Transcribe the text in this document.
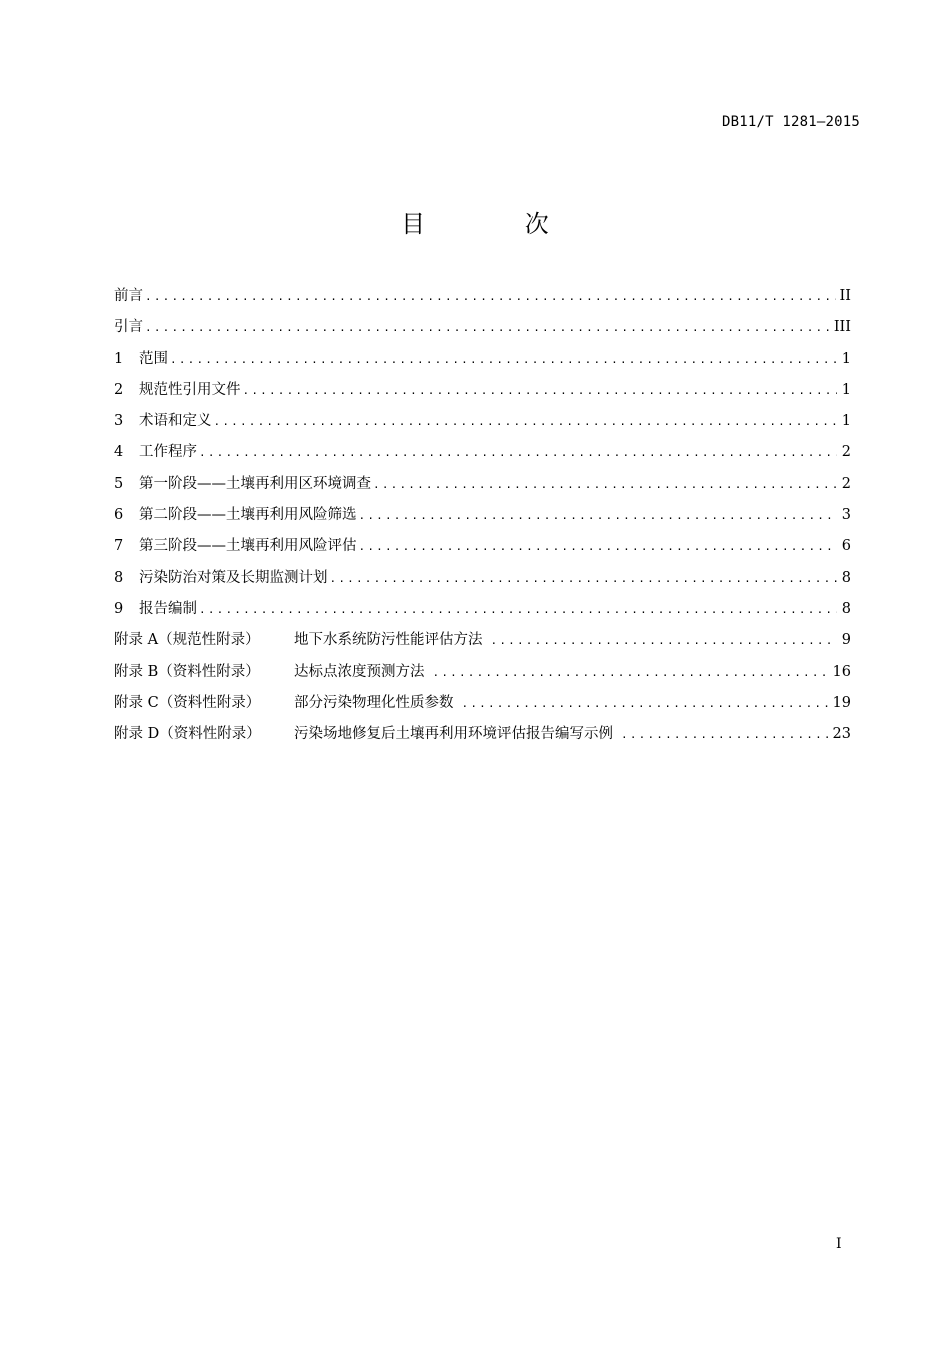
DB11/T 1281—2015
目 次
前言 .....	II
引言 .....	III
1	范围 .....	1
2	规范性引用文件 .....	1
3	术语和定义 .....	1
4	工作程序 .....	2
5	第一阶段——土壤再利用区环境调查 .....	2
6	第二阶段——土壤再利用风险筛选 .....	3
7	第三阶段——土壤再利用风险评估 .....	6
8	污染防治对策及长期监测计划 .....	8
9	报告编制 .....	8
附录 A（规范性附录）	地下水系统防污性能评估方法 .....	9
附录 B（资料性附录）	达标点浓度预测方法 .....	16
附录 C（资料性附录）	部分污染物理化性质参数 .....	19
附录 D（资料性附录）	污染场地修复后土壤再利用环境评估报告编写示例 .....	23
I
